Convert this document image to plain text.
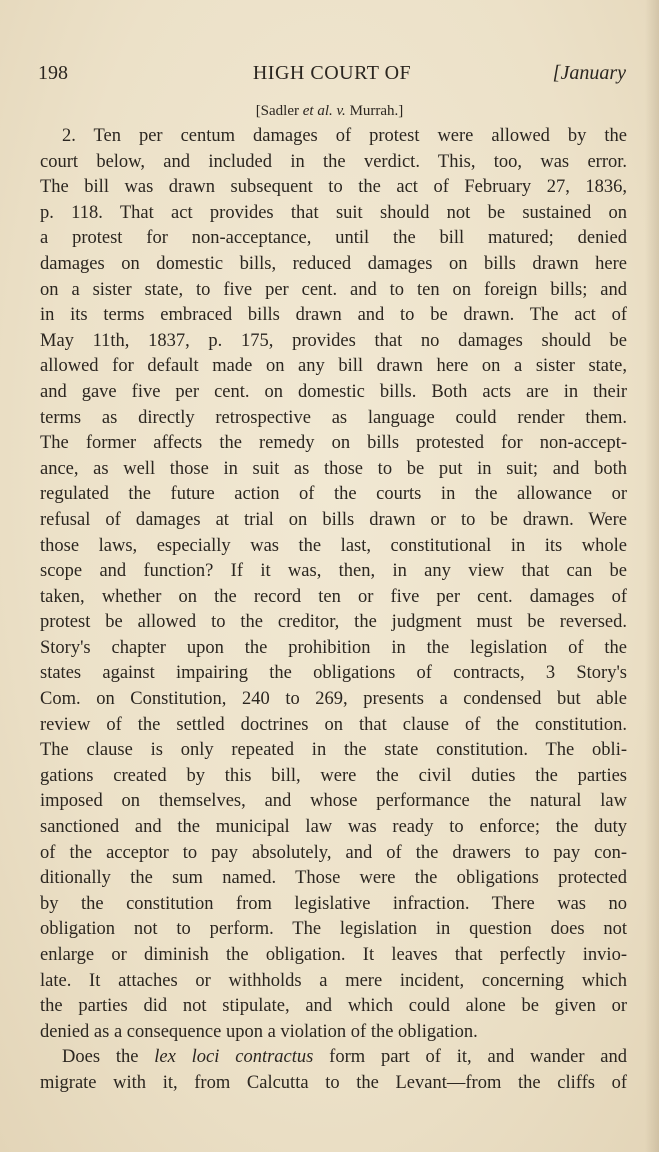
198	HIGH COURT OF	[January
[Sadler et al. v. Murrah.]
2. Ten per centum damages of protest were allowed by the
court below, and included in the verdict. This, too, was error.
The bill was drawn subsequent to the act of February 27, 1836,
p. 118. That act provides that suit should not be sustained on
a protest for non-acceptance, until the bill matured; denied
damages on domestic bills, reduced damages on bills drawn here
on a sister state, to five per cent. and to ten on foreign bills; and
in its terms embraced bills drawn and to be drawn. The act of
May 11th, 1837, p. 175, provides that no damages should be
allowed for default made on any bill drawn here on a sister state,
and gave five per cent. on domestic bills. Both acts are in their
terms as directly retrospective as language could render them.
The former affects the remedy on bills protested for non-accept-
ance, as well those in suit as those to be put in suit; and both
regulated the future action of the courts in the allowance or
refusal of damages at trial on bills drawn or to be drawn. Were
those laws, especially was the last, constitutional in its whole
scope and function? If it was, then, in any view that can be
taken, whether on the record ten or five per cent. damages of
protest be allowed to the creditor, the judgment must be reversed.
Story's chapter upon the prohibition in the legislation of the
states against impairing the obligations of contracts, 3 Story's
Com. on Constitution, 240 to 269, presents a condensed but able
review of the settled doctrines on that clause of the constitution.
The clause is only repeated in the state constitution. The obli-
gations created by this bill, were the civil duties the parties
imposed on themselves, and whose performance the natural law
sanctioned and the municipal law was ready to enforce; the duty
of the acceptor to pay absolutely, and of the drawers to pay con-
ditionally the sum named. Those were the obligations protected
by the constitution from legislative infraction. There was no
obligation not to perform. The legislation in question does not
enlarge or diminish the obligation. It leaves that perfectly invio-
late. It attaches or withholds a mere incident, concerning which
the parties did not stipulate, and which could alone be given or
denied as a consequence upon a violation of the obligation.
Does the lex loci contractus form part of it, and wander and
migrate with it, from Calcutta to the Levant—from the cliffs of
